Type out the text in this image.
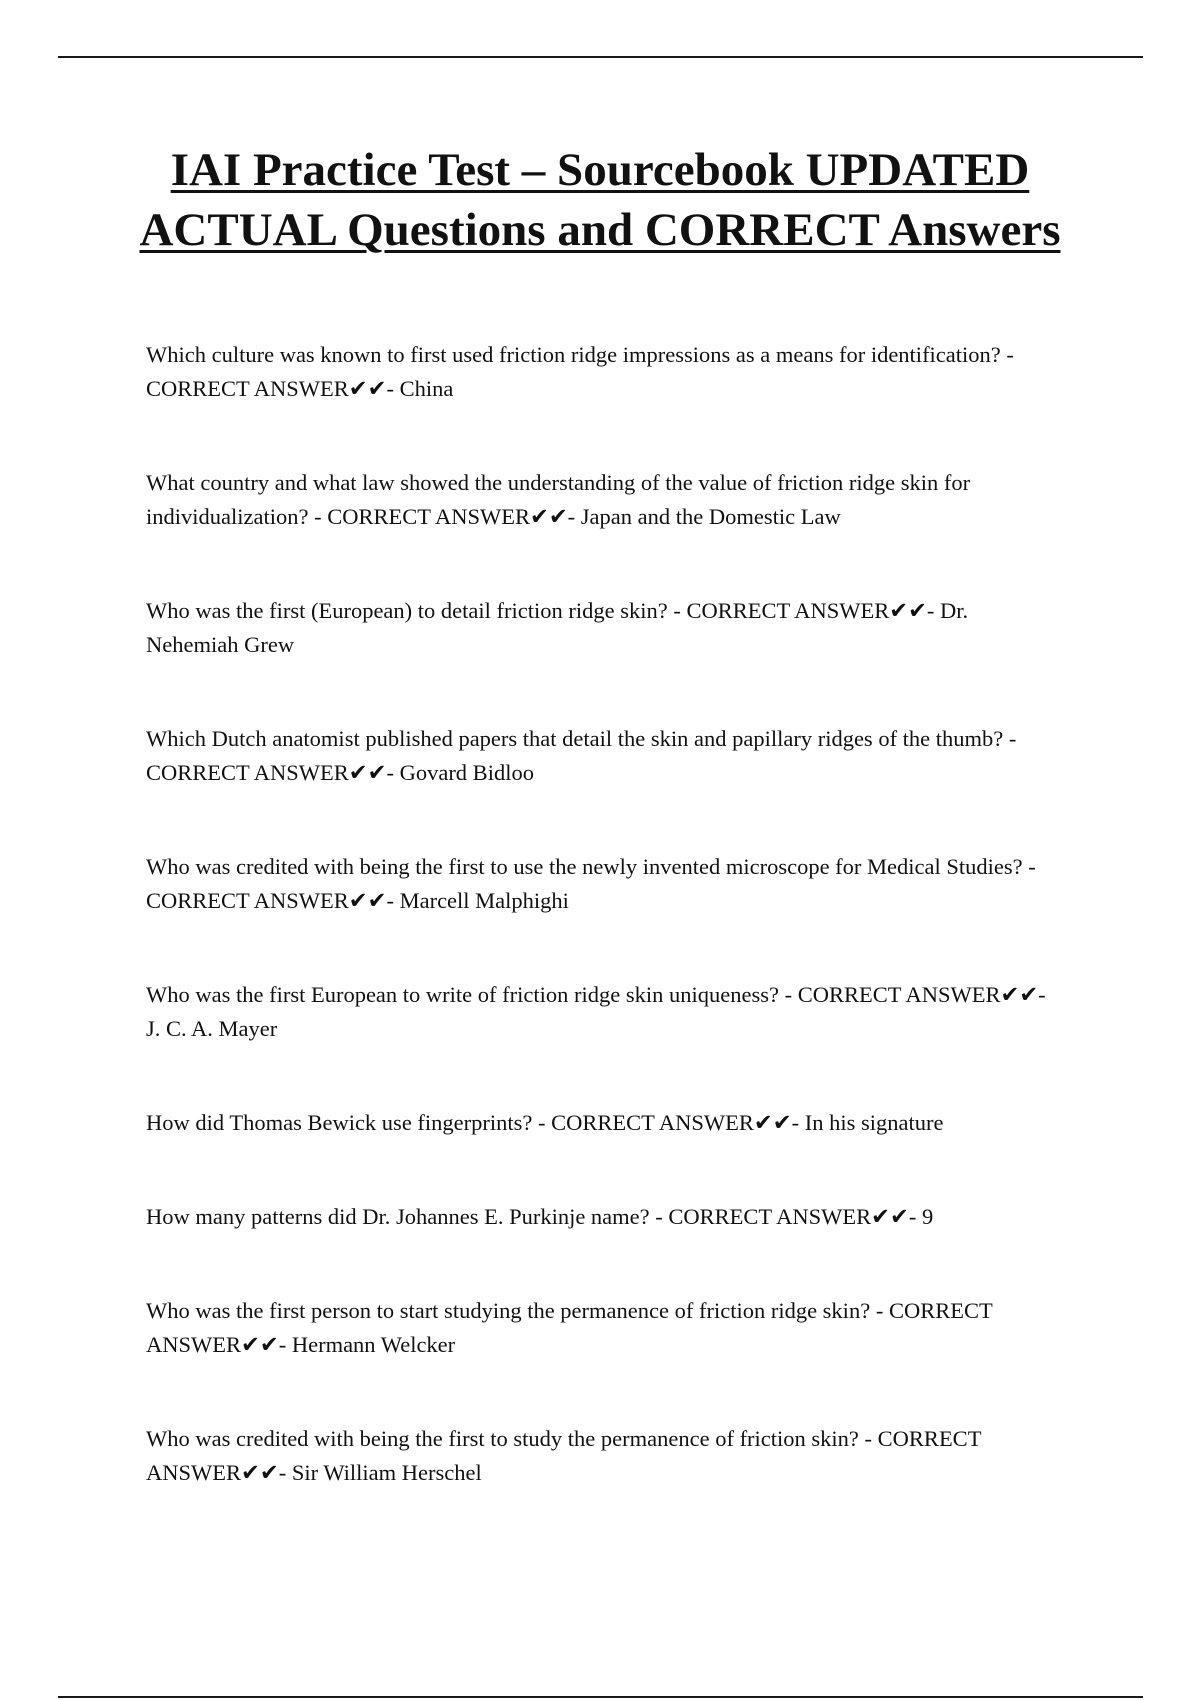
IAI Practice Test – Sourcebook UPDATED ACTUAL Questions and CORRECT Answers
Which culture was known to first used friction ridge impressions as a means for identification? - CORRECT ANSWER✔✔- China
What country and what law showed the understanding of the value of friction ridge skin for individualization? - CORRECT ANSWER✔✔- Japan and the Domestic Law
Who was the first (European) to detail friction ridge skin? - CORRECT ANSWER✔✔- Dr. Nehemiah Grew
Which Dutch anatomist published papers that detail the skin and papillary ridges of the thumb? - CORRECT ANSWER✔✔- Govard Bidloo
Who was credited with being the first to use the newly invented microscope for Medical Studies? - CORRECT ANSWER✔✔- Marcell Malphighi
Who was the first European to write of friction ridge skin uniqueness? - CORRECT ANSWER✔✔- J. C. A. Mayer
How did Thomas Bewick use fingerprints? - CORRECT ANSWER✔✔- In his signature
How many patterns did Dr. Johannes E. Purkinje name? - CORRECT ANSWER✔✔- 9
Who was the first person to start studying the permanence of friction ridge skin? - CORRECT ANSWER✔✔- Hermann Welcker
Who was credited with being the first to study the permanence of friction skin? - CORRECT ANSWER✔✔- Sir William Herschel
